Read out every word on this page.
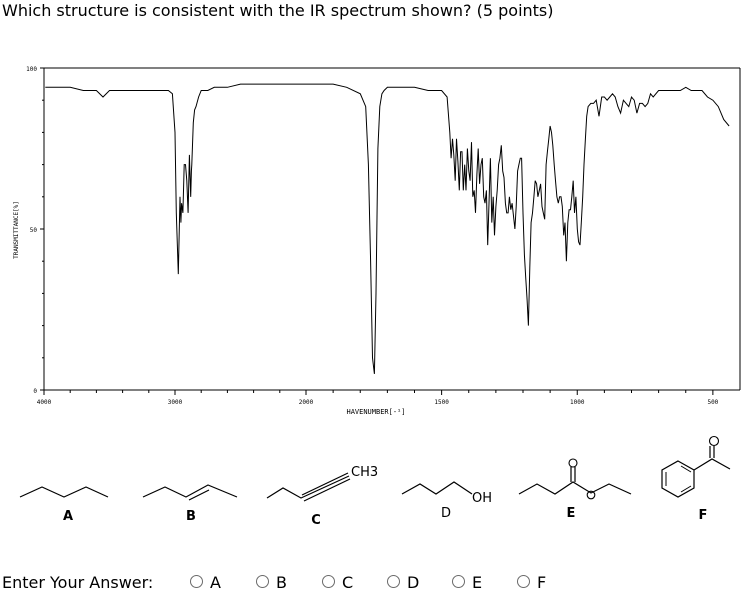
Which structure is consistent with the IR spectrum shown? (5 points)
100
50
0
4000	3000	2000	1500	1000	500
TRANSMITTANCE[%]
HAVENUMBER[-¹]
A	B
CH3
C
OH
D	E	F
Enter Your Answer:	A	B	C	D	E	F
